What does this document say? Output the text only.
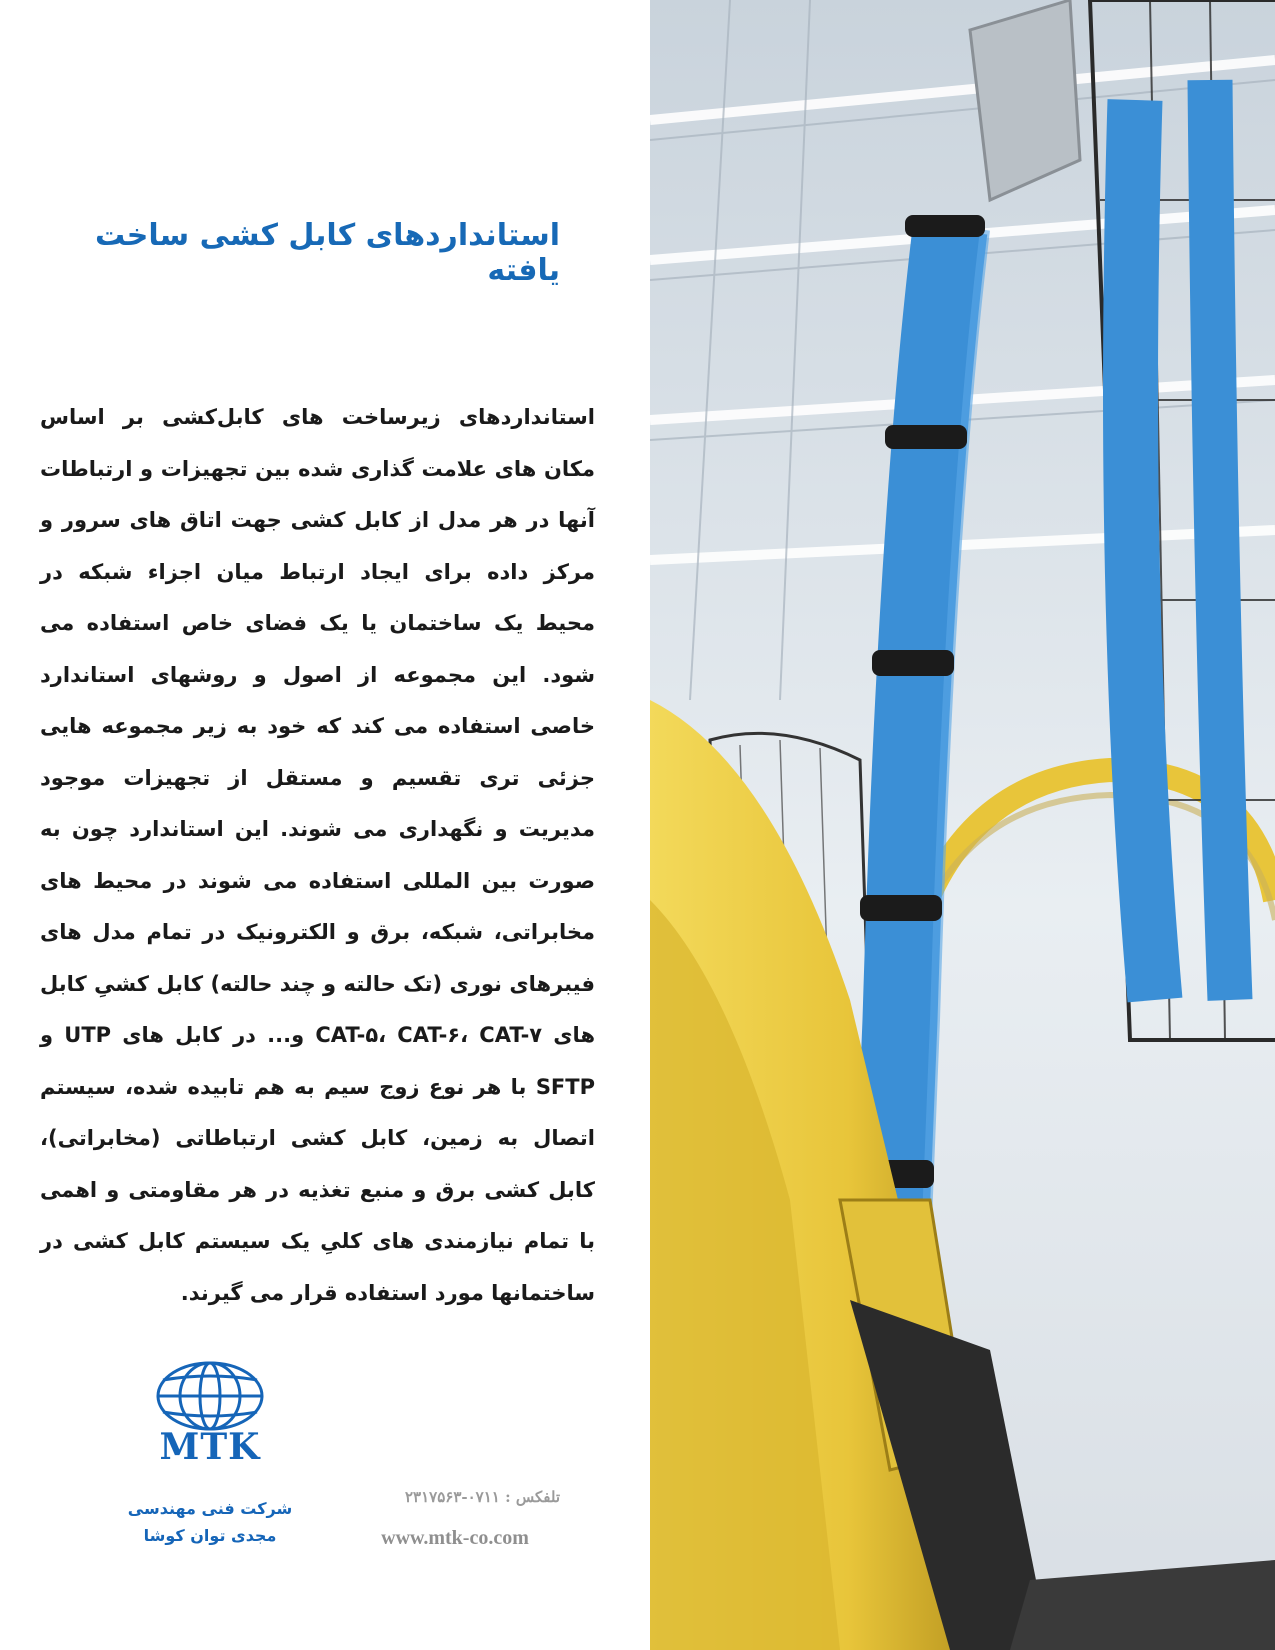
استانداردهای کابل کشی ساخت یافته

استانداردهای زیرساخت های کابل‌کشی بر اساس مکان های علامت گذاری شده بین تجهیزات و ارتباطات آنها در هر مدل از کابل کشی جهت اتاق های سرور و مرکز داده برای ایجاد ارتباط میان اجزاء شبکه در محیط یک ساختمان یا یک فضای خاص استفاده می شود. این مجموعه از اصول و روشهای استاندارد خاصی استفاده می کند که خود به زیر مجموعه هایی جزئی تری تقسیم و مستقل از تجهیزات موجود مدیریت و نگهداری می شوند. این استاندارد چون به صورت بین المللی استفاده می شوند در محیط های مخابراتی، شبکه، برق و الکترونیک در تمام مدل های فیبرهای نوری (تک حالته و چند حالته) کابل کشیِ کابل های CAT-۵، CAT-۶، CAT-۷ و... در کابل های UTP و SFTP با هر نوع زوج سیم به هم تابیده شده، سیستم اتصال به زمین، کابل کشی ارتباطاتی (مخابراتی)، کابل کشی برق و منبع تغذیه در هر مقاومتی و اهمی با تمام نیازمندی های کلیِ یک سیستم کابل کشی در ساختمانها مورد استفاده قرار می گیرند.

MTK
شرکت فنی مهندسی
مجدی توان کوشا
تلفکس : ۰۷۱۱-۲۳۱۷۵۶۳
www.mtk-co.com
